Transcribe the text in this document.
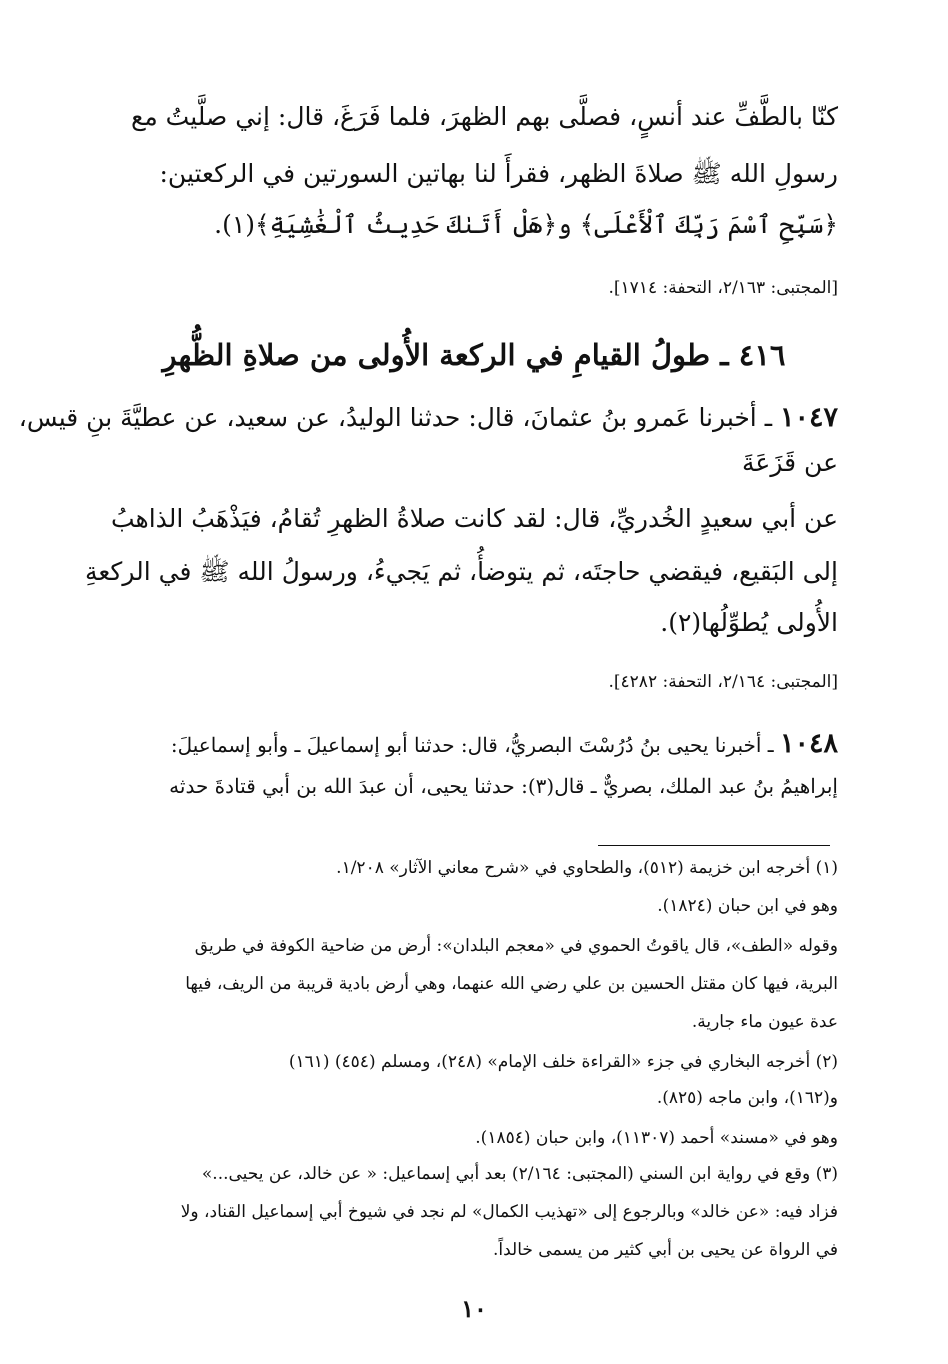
كنّا بالطَّفِّ عند أنسٍ، فصلَّى بهم الظهرَ، فلما فَرَغَ، قال: إني صلَّيتُ مع
رسولِ الله ﷺ صلاةَ الظهر، فقرأَ لنا بهاتين السورتين في الركعتين:
﴿سَبِّحِ ٱسْمَ رَبِّكَ ٱلْأَعْلَى﴾ و﴿هَلْ أَتَىٰكَ حَدِيثُ ٱلْغَٰشِيَةِ﴾(١).
[المجتبى: ٢/١٦٣، التحفة: ١٧١٤].
٤١٦ ـ طولُ القيامِ في الركعة الأُولى من صلاةِ الظُّهرِ
١٠٤٧ ـ أخبرنا عَمرو بنُ عثمانَ، قال: حدثنا الوليدُ، عن سعيد، عن عطيَّةَ بنِ قيس،
عن قَزَعَةَ
عن أبي سعيدٍ الخُدريِّ، قال: لقد كانت صلاةُ الظهرِ تُقامُ، فيَذْهَبُ الذاهبُ
إلى البَقيع، فيقضي حاجتَه، ثم يتوضأُ، ثم يَجيءُ، ورسولُ الله ﷺ في الركعةِ
الأُولى يُطوِّلُها(٢).
[المجتبى: ٢/١٦٤، التحفة: ٤٢٨٢].
١٠٤٨ ـ أخبرنا يحيى بنُ دُرُسْتَ البصريُّ، قال: حدثنا أبو إسماعيلَ ـ وأبو إسماعيلَ:
إبراهيمُ بنُ عبد الملك، بصريٌّ ـ قال(٣): حدثنا يحيى، أن عبدَ الله بن أبي قتادةَ حدثه
(١) أخرجه ابن خزيمة (٥١٢)، والطحاوي في «شرح معاني الآثار» ١/٢٠٨.
وهو في ابن حبان (١٨٢٤).
وقوله «الطف»، قال ياقوتُ الحموي في «معجم البلدان»: أرض من ضاحية الكوفة في طريق
البرية، فيها كان مقتل الحسين بن علي رضي الله عنهما، وهي أرض بادية قريبة من الريف، فيها
عدة عيون ماء جارية.
(٢) أخرجه البخاري في جزء «القراءة خلف الإمام» (٢٤٨)، ومسلم (٤٥٤) (١٦١)
و(١٦٢)، وابن ماجه (٨٢٥).
وهو في «مسند» أحمد (١١٣٠٧)، وابن حبان (١٨٥٤).
(٣) وقع في رواية ابن السني (المجتبى: ٢/١٦٤) بعد أبي إسماعيل: « عن خالد، عن يحيى...»
فزاد فيه: «عن خالد» وبالرجوع إلى «تهذيب الكمال» لم نجد في شيوخ أبي إسماعيل القناد، ولا
في الرواة عن يحيى بن أبي كثير من يسمى خالداً.
١٠
